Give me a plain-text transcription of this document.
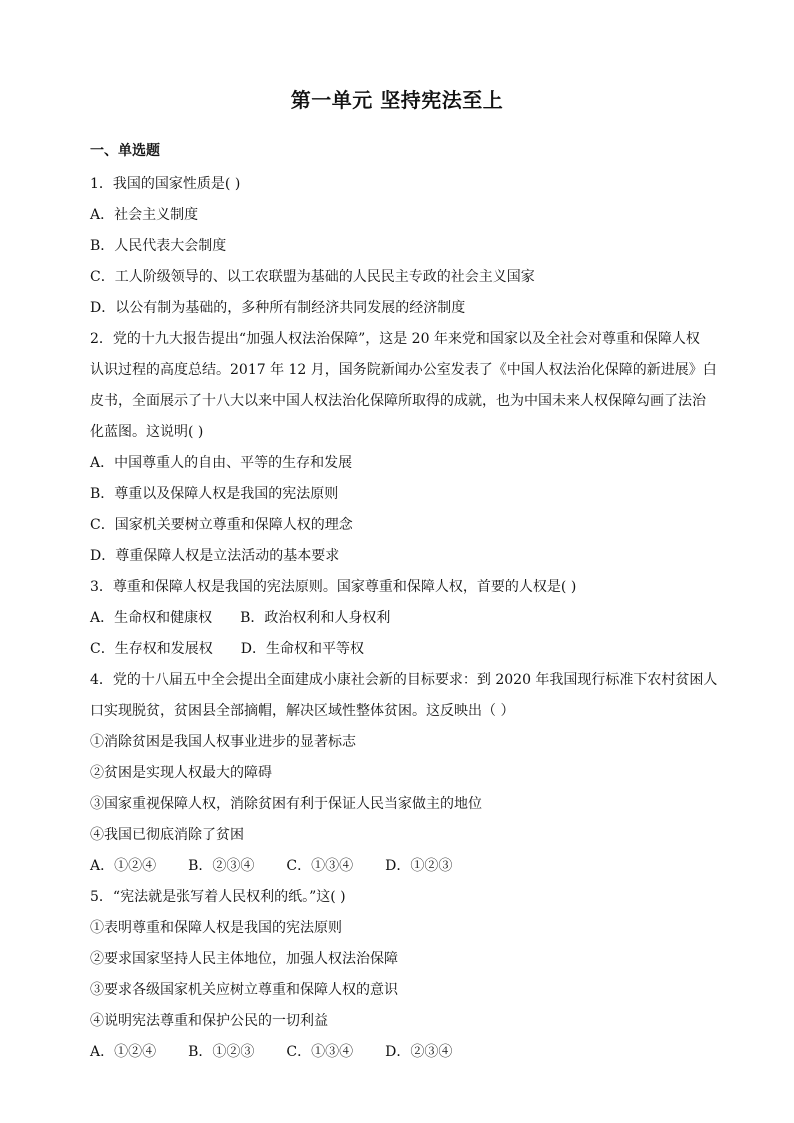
第一单元 坚持宪法至上
一、单选题
1．我国的国家性质是( )
A．社会主义制度
B．人民代表大会制度
C．工人阶级领导的、以工农联盟为基础的人民民主专政的社会主义国家
D．以公有制为基础的，多种所有制经济共同发展的经济制度
2．党的十九大报告提出“加强人权法治保障”，这是 20 年来党和国家以及全社会对尊重和保障人权
认识过程的高度总结。2017 年 12 月，国务院新闻办公室发表了《中国人权法治化保障的新进展》白
皮书，全面展示了十八大以来中国人权法治化保障所取得的成就，也为中国未来人权保障勾画了法治
化蓝图。这说明( )
A．中国尊重人的自由、平等的生存和发展
B．尊重以及保障人权是我国的宪法原则
C．国家机关要树立尊重和保障人权的理念
D．尊重保障人权是立法活动的基本要求
3．尊重和保障人权是我国的宪法原则。国家尊重和保障人权，首要的人权是( )
A．生命权和健康权 B．政治权利和人身权利
C．生存权和发展权 D．生命权和平等权
4．党的十八届五中全会提出全面建成小康社会新的目标要求：到 2020 年我国现行标准下农村贫困人
口实现脱贫，贫困县全部摘帽，解决区域性整体贫困。这反映出（ ）
①消除贫困是我国人权事业进步的显著标志
②贫困是实现人权最大的障碍
③国家重视保障人权，消除贫困有利于保证人民当家做主的地位
④我国已彻底消除了贫困
A．①②④ B．②③④ C．①③④ D．①②③
5．“宪法就是张写着人民权利的纸。”这( )
①表明尊重和保障人权是我国的宪法原则
②要求国家坚持人民主体地位，加强人权法治保障
③要求各级国家机关应树立尊重和保障人权的意识
④说明宪法尊重和保护公民的一切利益
A．①②④ B．①②③ C．①③④ D．②③④
